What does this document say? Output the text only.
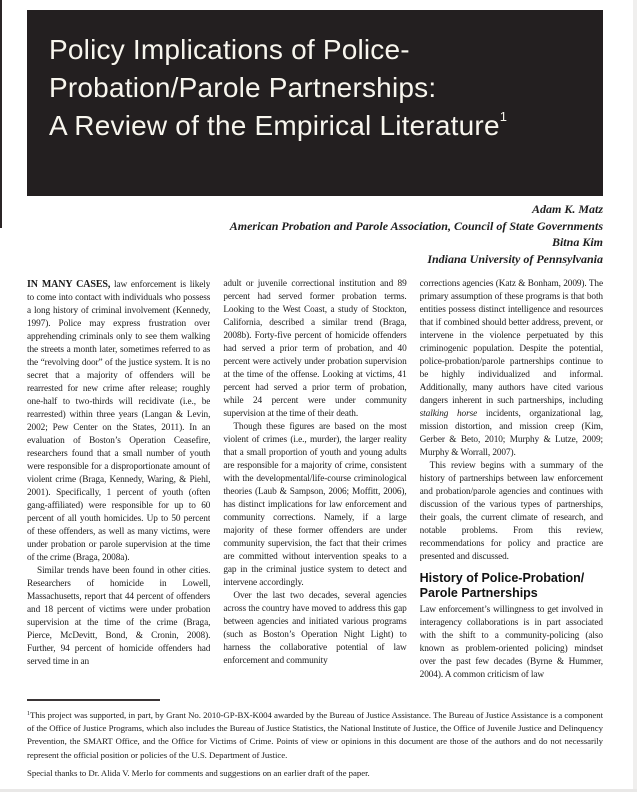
Policy Implications of Police-
Probation/Parole Partnerships:
A Review of the Empirical Literature$^1$
Adam K. Matz
American Probation and Parole Association, Council of State Governments
Bitna Kim
Indiana University of Pennsylvania

IN MANY CASES, law enforcement is likely to come into contact with individuals who possess a long history of criminal involvement (Kennedy, 1997). Police may express frustration over apprehending criminals only to see them walking the streets a month later, sometimes referred to as the “revolving door” of the justice system. It is no secret that a majority of offenders will be rearrested for new crime after release; roughly one-half to two-thirds will recidivate (i.e., be rearrested) within three years (Langan & Levin, 2002; Pew Center on the States, 2011). In an evaluation of Boston’s Operation Ceasefire, researchers found that a small number of youth were responsible for a disproportionate amount of violent crime (Braga, Kennedy, Waring, & Piehl, 2001). Specifically, 1 percent of youth (often gang-affiliated) were responsible for up to 60 percent of all youth homicides. Up to 50 percent of these offenders, as well as many victims, were under probation or parole supervision at the time of the crime (Braga, 2008a).

Similar trends have been found in other cities. Researchers of homicide in Lowell, Massachusetts, report that 44 percent of offenders and 18 percent of victims were under probation supervision at the time of the crime (Braga, Pierce, McDevitt, Bond, & Cronin, 2008). Further, 94 percent of homicide offenders had served time in an

adult or juvenile correctional institution and 89 percent had served former probation terms. Looking to the West Coast, a study of Stockton, California, described a similar trend (Braga, 2008b). Forty-five percent of homicide offenders had served a prior term of probation, and 40 percent were actively under probation supervision at the time of the offense. Looking at victims, 41 percent had served a prior term of probation, while 24 percent were under community supervision at the time of their death.

Though these figures are based on the most violent of crimes (i.e., murder), the larger reality that a small proportion of youth and young adults are responsible for a majority of crime, consistent with the developmental/life-course criminological theories (Laub & Sampson, 2006; Moffitt, 2006), has distinct implications for law enforcement and community corrections. Namely, if a large majority of these former offenders are under community supervision, the fact that their crimes are committed without intervention speaks to a gap in the criminal justice system to detect and intervene accordingly.

Over the last two decades, several agencies across the country have moved to address this gap between agencies and initiated various programs (such as Boston’s Operation Night Light) to harness the collaborative potential of law enforcement and community

corrections agencies (Katz & Bonham, 2009). The primary assumption of these programs is that both entities possess distinct intelligence and resources that if combined should better address, prevent, or intervene in the violence perpetuated by this criminogenic population. Despite the potential, police-probation/parole partnerships continue to be highly individualized and informal. Additionally, many authors have cited various dangers inherent in such partnerships, including stalking horse incidents, organizational lag, mission distortion, and mission creep (Kim, Gerber & Beto, 2010; Murphy & Lutze, 2009; Murphy & Worrall, 2007).

This review begins with a summary of the history of partnerships between law enforcement and probation/parole agencies and continues with discussion of the various types of partnerships, their goals, the current climate of research, and notable problems. From this review, recommendations for policy and practice are presented and discussed.

History of Police-Probation/
Parole Partnerships

Law enforcement’s willingness to get involved in interagency collaborations is in part associated with the shift to a community-policing (also known as problem-oriented policing) mindset over the past few decades (Byrne & Hummer, 2004). A common criticism of law

$^1$This project was supported, in part, by Grant No. 2010-GP-BX-K004 awarded by the Bureau of Justice Assistance. The Bureau of Justice Assistance is a component of the Office of Justice Programs, which also includes the Bureau of Justice Statistics, the National Institute of Justice, the Office of Juvenile Justice and Delinquency Prevention, the SMART Office, and the Office for Victims of Crime. Points of view or opinions in this document are those of the authors and do not necessarily represent the official position or policies of the U.S. Department of Justice.

Special thanks to Dr. Alida V. Merlo for comments and suggestions on an earlier draft of the paper.
